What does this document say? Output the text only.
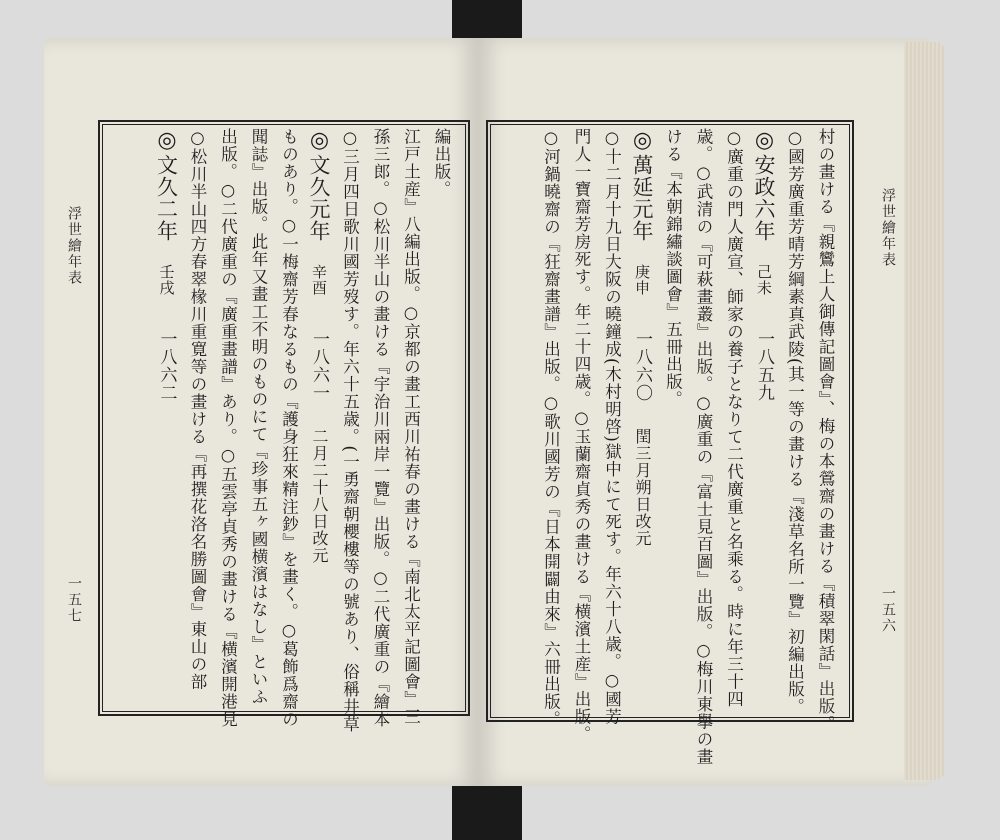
浮世繪年表
一五七
浮世繪年表
一五六
編出版。
江戸土産』八編出版。○京都の畫工西川祐春の畫ける『南北太平記圖會』三
孫三郎。○松川半山の畫ける『宇治川兩岸一覽』出版。○二代廣重の『繪本
○三月四日歌川國芳歿す。年六十五歳。(一勇齋朝櫻樓等の號あり、俗稱井草
◎文久元年辛酉一八六一二月二十八日改元
ものあり。○一梅齋芳春なるもの『護身狂來精注鈔』を畫く。○葛飾爲齋の
聞誌』出版。此年又畫工不明のものにて『珍事五ヶ國横濱はなし』といふ
出版。○二代廣重の『廣重畫譜』あり。○五雲亭貞秀の畫ける『横濱開港見
○松川半山四方春翠椽川重寛等の畫ける『再撰花洛名勝圖會』東山の部
◎文久二年壬戌一八六二	村の畫ける『親鸞上人御傳記圖會』、梅の本鶯齋の畫ける『積翠閑話』出版。
○國芳廣重芳晴芳綱素真武陵(其一等の畫ける『淺草名所一覽』初編出版。
◎安政六年己未一八五九
○廣重の門人廣宣、師家の養子となりて二代廣重と名乘る。時に年三十四
歳。○武清の『可萩畫叢』出版。○廣重の『富士見百圖』出版。○梅川東擧の畫
ける『本朝錦繡談圖會』五冊出版。
◎萬延元年庚申一八六〇閏三月朔日改元
○十二月十九日大阪の曉鐘成(木村明啓)獄中にて死す。年六十八歳。○國芳
門人一寶齋芳房死す。年二十四歳。○玉蘭齋貞秀の畫ける『横濱土産』出版。
○河鍋曉齋の『狂齋畫譜』出版。○歌川國芳の『日本開闢由來』六冊出版。
